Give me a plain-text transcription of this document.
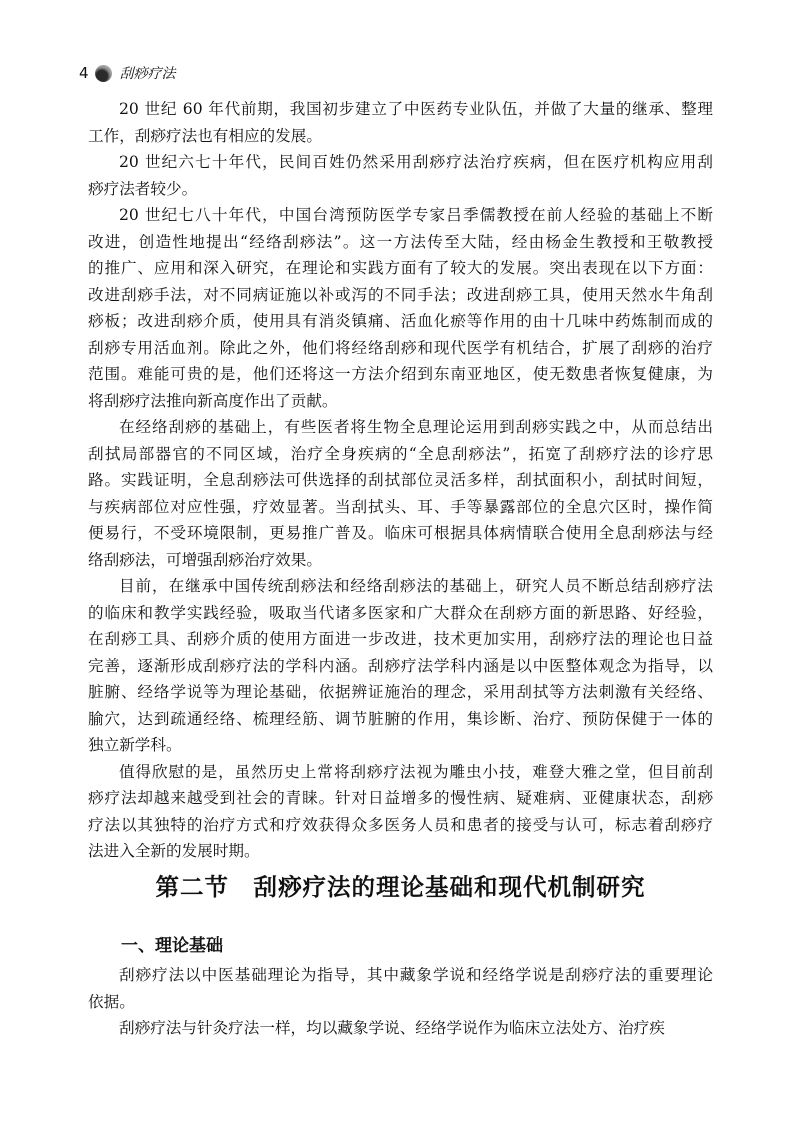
4 刮痧疗法
20 世纪 60 年代前期，我国初步建立了中医药专业队伍，并做了大量的继承、整理
工作，刮痧疗法也有相应的发展。
20 世纪六七十年代，民间百姓仍然采用刮痧疗法治疗疾病，但在医疗机构应用刮
痧疗法者较少。
20 世纪七八十年代，中国台湾预防医学专家吕季儒教授在前人经验的基础上不断
改进，创造性地提出“经络刮痧法”。这一方法传至大陆，经由杨金生教授和王敬教授
的推广、应用和深入研究，在理论和实践方面有了较大的发展。突出表现在以下方面：
改进刮痧手法，对不同病证施以补或泻的不同手法；改进刮痧工具，使用天然水牛角刮
痧板；改进刮痧介质，使用具有消炎镇痛、活血化瘀等作用的由十几味中药炼制而成的
刮痧专用活血剂。除此之外，他们将经络刮痧和现代医学有机结合，扩展了刮痧的治疗
范围。难能可贵的是，他们还将这一方法介绍到东南亚地区，使无数患者恢复健康，为
将刮痧疗法推向新高度作出了贡献。
在经络刮痧的基础上，有些医者将生物全息理论运用到刮痧实践之中，从而总结出
刮拭局部器官的不同区域，治疗全身疾病的“全息刮痧法”，拓宽了刮痧疗法的诊疗思
路。实践证明，全息刮痧法可供选择的刮拭部位灵活多样，刮拭面积小，刮拭时间短，
与疾病部位对应性强，疗效显著。当刮拭头、耳、手等暴露部位的全息穴区时，操作简
便易行，不受环境限制，更易推广普及。临床可根据具体病情联合使用全息刮痧法与经
络刮痧法，可增强刮痧治疗效果。
目前，在继承中国传统刮痧法和经络刮痧法的基础上，研究人员不断总结刮痧疗法
的临床和教学实践经验，吸取当代诸多医家和广大群众在刮痧方面的新思路、好经验，
在刮痧工具、刮痧介质的使用方面进一步改进，技术更加实用，刮痧疗法的理论也日益
完善，逐渐形成刮痧疗法的学科内涵。刮痧疗法学科内涵是以中医整体观念为指导，以
脏腑、经络学说等为理论基础，依据辨证施治的理念，采用刮拭等方法刺激有关经络、
腧穴，达到疏通经络、梳理经筋、调节脏腑的作用，集诊断、治疗、预防保健于一体的
独立新学科。
值得欣慰的是，虽然历史上常将刮痧疗法视为雕虫小技，难登大雅之堂，但目前刮
痧疗法却越来越受到社会的青睐。针对日益增多的慢性病、疑难病、亚健康状态，刮痧
疗法以其独特的治疗方式和疗效获得众多医务人员和患者的接受与认可，标志着刮痧疗
法进入全新的发展时期。
第二节　刮痧疗法的理论基础和现代机制研究
一、理论基础
刮痧疗法以中医基础理论为指导，其中藏象学说和经络学说是刮痧疗法的重要理论
依据。
刮痧疗法与针灸疗法一样，均以藏象学说、经络学说作为临床立法处方、治疗疾
